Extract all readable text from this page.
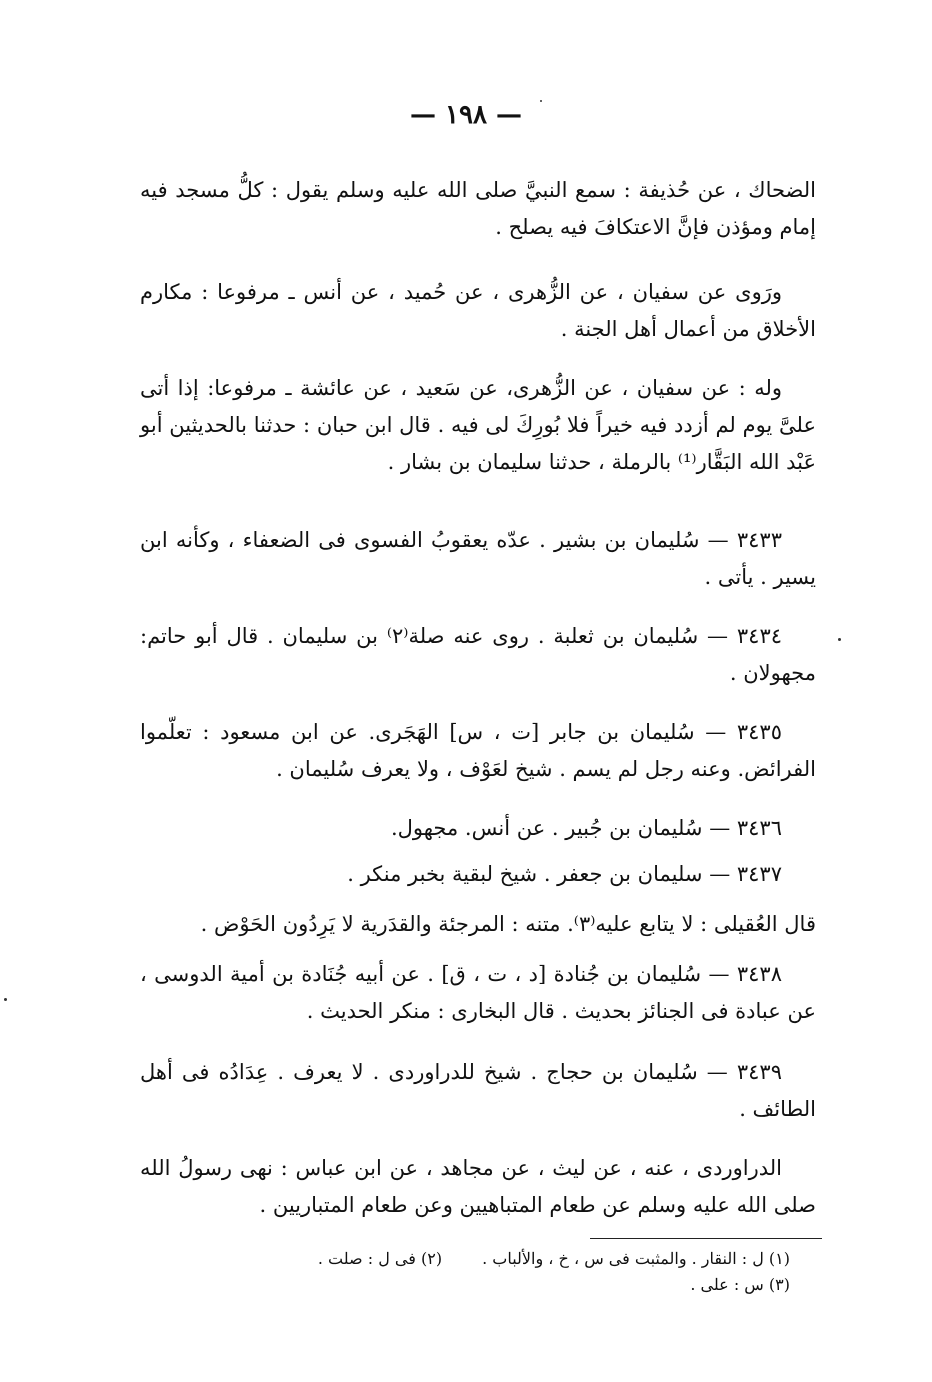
— ١٩٨ —

الضحاك ، عن حُذيفة : سمع النبيَّ صلى الله عليه وسلم يقول : كلُّ مسجد فيه إمام ومؤذن فإنَّ الاعتكافَ فيه يصلح .

ورَوى عن سفيان ، عن الزُّهرى ، عن حُميد ، عن أنس ـ مرفوعا : مكارم الأخلاق من أعمال أهل الجنة .

وله : عن سفيان ، عن الزُّهرى، عن سَعيد ، عن عائشة ـ مرفوعا: إذا أتى علىَّ يوم لم أزدد فيه خيراً فلا بُورِكَ لى فيه . قال ابن حبان : حدثنا بالحديثين أبو عَبْد الله البَقَّار⁽¹⁾ بالرملة ، حدثنا سليمان بن بشار .

٣٤٣٣ — سُليمان بن بشير . عدّه يعقوبُ الفسوى فى الضعفاء ، وكأنه ابن يسير . يأتى .

٣٤٣٤ — سُليمان بن ثعلبة . روى عنه صلة⁽٢⁾ بن سليمان . قال أبو حاتم: مجهولان .

٣٤٣٥ — سُليمان بن جابر [ت ، س] الهَجَرى. عن ابن مسعود : تعلّموا الفرائض. وعنه رجل لم يسم . شيخ لعَوْف ، ولا يعرف سُليمان .

٣٤٣٦ — سُليمان بن جُبير . عن أنس. مجهول.

٣٤٣٧ — سليمان بن جعفر . شيخ لبقية بخبر منكر .

قال العُقيلى : لا يتابع عليه⁽٣⁾. متنه : المرجئة والقدَرية لا يَرِدُون الحَوْض .

٣٤٣٨ — سُليمان بن جُنادة [د ، ت ، ق] . عن أبيه جُنَادة بن أمية الدوسى ، عن عبادة فى الجنائز بحديث . قال البخارى : منكر الحديث .

٣٤٣٩ — سُليمان بن حجاج . شيخ للدراوردى . لا يعرف . عِدَادُه فى أهل الطائف .

الدراوردى ، عنه ، عن ليث ، عن مجاهد ، عن ابن عباس : نهى رسولُ الله صلى الله عليه وسلم عن طعام المتباهيين وعن طعام المتباريين .

(١) ل : النقار . والمثبت فى س ، خ ، والألباب .
(٢) فى ل : صلت .
(٣) س : على .
